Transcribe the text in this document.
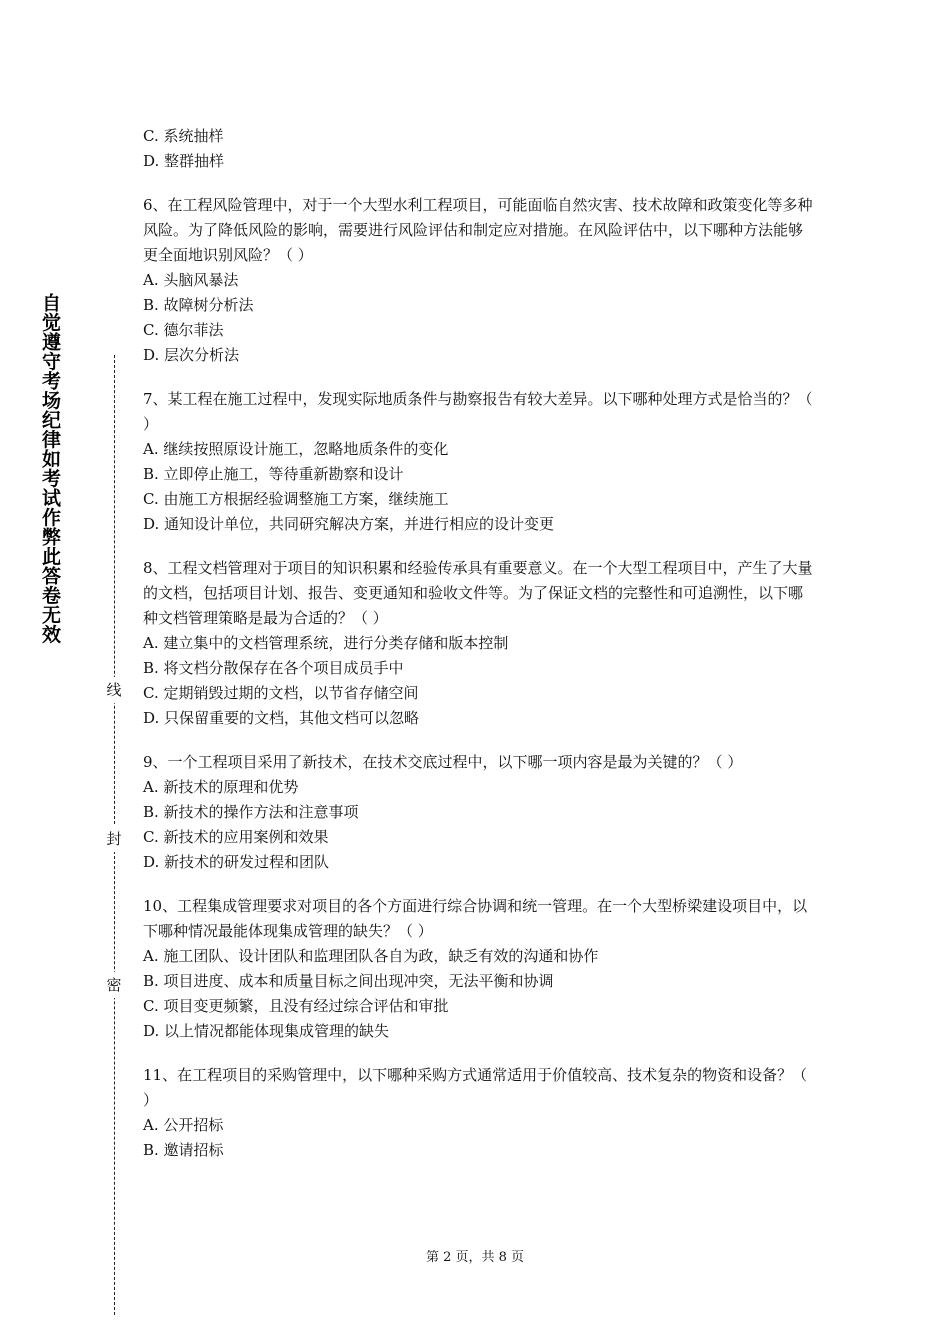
自觉遵守考场纪律如考试作弊此答卷无效
线
封
密

C. 系统抽样

D. 整群抽样

6、在工程风险管理中，对于一个大型水利工程项目，可能面临自然灾害、技术故障和政策变化等多种风险。为了降低风险的影响，需要进行风险评估和制定应对措施。在风险评估中，以下哪种方法能够更全面地识别风险？（ ）

A. 头脑风暴法

B. 故障树分析法

C. 德尔菲法

D. 层次分析法

7、某工程在施工过程中，发现实际地质条件与勘察报告有较大差异。以下哪种处理方式是恰当的？（ ）

A. 继续按照原设计施工，忽略地质条件的变化

B. 立即停止施工，等待重新勘察和设计

C. 由施工方根据经验调整施工方案，继续施工

D. 通知设计单位，共同研究解决方案，并进行相应的设计变更

8、工程文档管理对于项目的知识积累和经验传承具有重要意义。在一个大型工程项目中，产生了大量的文档，包括项目计划、报告、变更通知和验收文件等。为了保证文档的完整性和可追溯性，以下哪种文档管理策略是最为合适的？（ ）

A. 建立集中的文档管理系统，进行分类存储和版本控制

B. 将文档分散保存在各个项目成员手中

C. 定期销毁过期的文档，以节省存储空间

D. 只保留重要的文档，其他文档可以忽略

9、一个工程项目采用了新技术，在技术交底过程中，以下哪一项内容是最为关键的？（ ）

A. 新技术的原理和优势

B. 新技术的操作方法和注意事项

C. 新技术的应用案例和效果

D. 新技术的研发过程和团队

10、工程集成管理要求对项目的各个方面进行综合协调和统一管理。在一个大型桥梁建设项目中，以下哪种情况最能体现集成管理的缺失？（ ）

A. 施工团队、设计团队和监理团队各自为政，缺乏有效的沟通和协作

B. 项目进度、成本和质量目标之间出现冲突，无法平衡和协调

C. 项目变更频繁，且没有经过综合评估和审批

D. 以上情况都能体现集成管理的缺失

11、在工程项目的采购管理中，以下哪种采购方式通常适用于价值较高、技术复杂的物资和设备？（ ）

A. 公开招标

B. 邀请招标

第 2 页，共 8 页
